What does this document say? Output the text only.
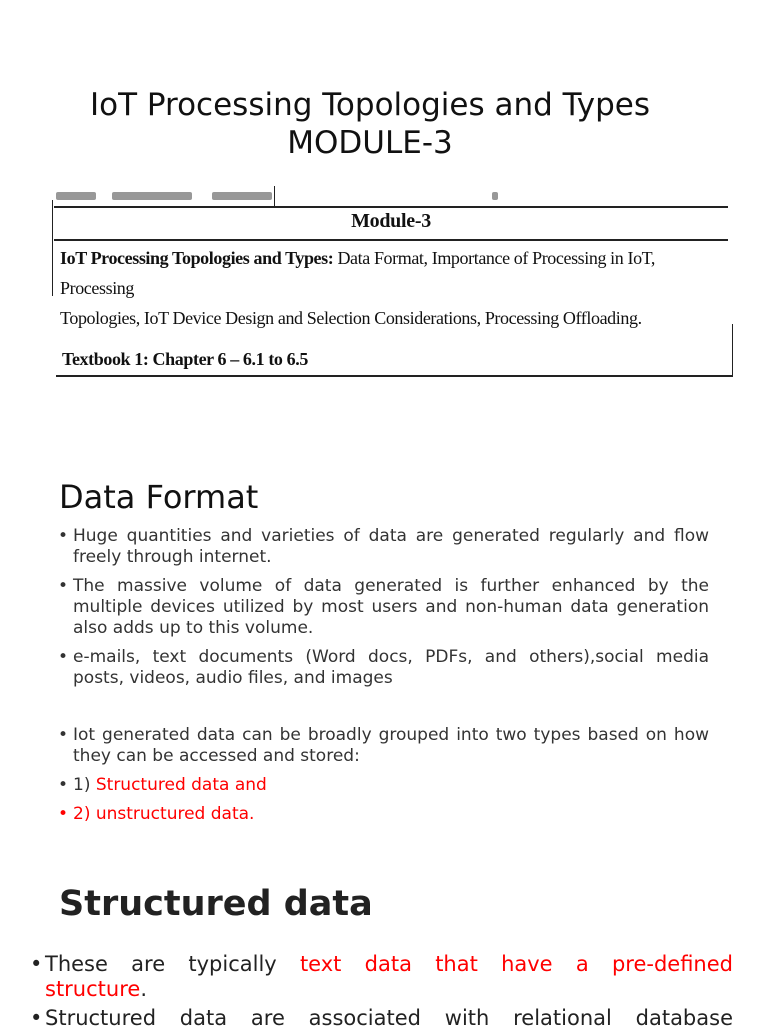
IoT Processing Topologies and Types
MODULE-3
Module-3
IoT Processing Topologies and Types: Data Format, Importance of Processing in IoT, Processing
Topologies, IoT Device Design and Selection Considerations, Processing Offloading.
Textbook 1: Chapter 6 – 6.1 to 6.5
Data Format
• Huge quantities and varieties of data are generated regularly and flow freely through internet.
• The massive volume of data generated is further enhanced by the multiple devices utilized by most users and non-human data generation also adds up to this volume.
• e-mails, text documents (Word docs, PDFs, and others),social media posts, videos, audio files, and images
• Iot generated data can be broadly grouped into two types based on how they can be accessed and stored:
• 1) Structured data and
• 2) unstructured data.
Structured data
• These are typically text data that have a pre-defined
structure.
• Structured data are associated with relational database
